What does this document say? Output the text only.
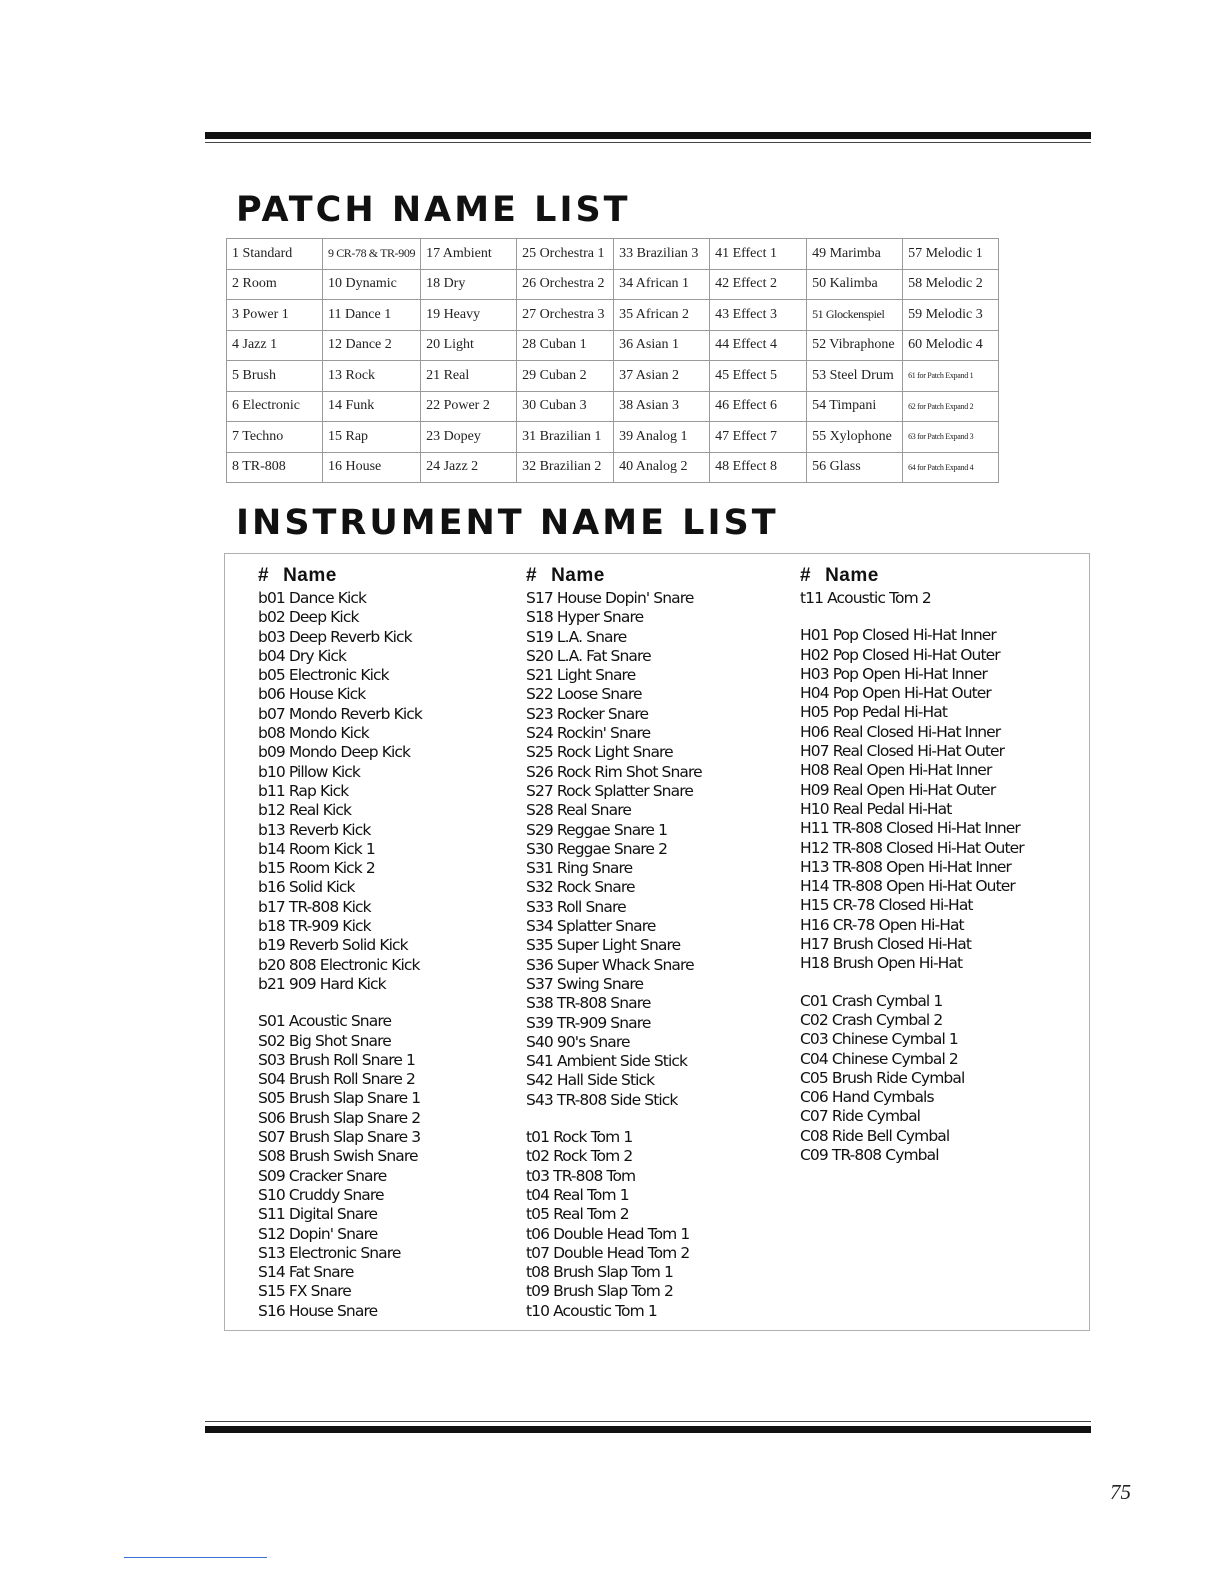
PATCH NAME LIST
1 Standard	9 CR-78 & TR-909	17 Ambient	25 Orchestra 1	33 Brazilian 3	41 Effect 1	49 Marimba	57 Melodic 1
2 Room	10 Dynamic	18 Dry	26 Orchestra 2	34 African 1	42 Effect 2	50 Kalimba	58 Melodic 2
3 Power 1	11 Dance 1	19 Heavy	27 Orchestra 3	35 African 2	43 Effect 3	51 Glockenspiel	59 Melodic 3
4 Jazz 1	12 Dance 2	20 Light	28 Cuban 1	36 Asian 1	44 Effect 4	52 Vibraphone	60 Melodic 4
5 Brush	13 Rock	21 Real	29 Cuban 2	37 Asian 2	45 Effect 5	53 Steel Drum	61 for Patch Expand 1
6 Electronic	14 Funk	22 Power 2	30 Cuban 3	38 Asian 3	46 Effect 6	54 Timpani	62 for Patch Expand 2
7 Techno	15 Rap	23 Dopey	31 Brazilian 1	39 Analog 1	47 Effect 7	55 Xylophone	63 for Patch Expand 3
8 TR-808	16 House	24 Jazz 2	32 Brazilian 2	40 Analog 2	48 Effect 8	56 Glass	64 for Patch Expand 4
INSTRUMENT NAME LIST
# Name
b01 Dance Kick
b02 Deep Kick
b03 Deep Reverb Kick
b04 Dry Kick
b05 Electronic Kick
b06 House Kick
b07 Mondo Reverb Kick
b08 Mondo Kick
b09 Mondo Deep Kick
b10 Pillow Kick
b11 Rap Kick
b12 Real Kick
b13 Reverb Kick
b14 Room Kick 1
b15 Room Kick 2
b16 Solid Kick
b17 TR-808 Kick
b18 TR-909 Kick
b19 Reverb Solid Kick
b20 808 Electronic Kick
b21 909 Hard Kick
S01 Acoustic Snare
S02 Big Shot Snare
S03 Brush Roll Snare 1
S04 Brush Roll Snare 2
S05 Brush Slap Snare 1
S06 Brush Slap Snare 2
S07 Brush Slap Snare 3
S08 Brush Swish Snare
S09 Cracker Snare
S10 Cruddy Snare
S11 Digital Snare
S12 Dopin' Snare
S13 Electronic Snare
S14 Fat Snare
S15 FX Snare
S16 House Snare
# Name
S17 House Dopin' Snare
S18 Hyper Snare
S19 L.A. Snare
S20 L.A. Fat Snare
S21 Light Snare
S22 Loose Snare
S23 Rocker Snare
S24 Rockin' Snare
S25 Rock Light Snare
S26 Rock Rim Shot Snare
S27 Rock Splatter Snare
S28 Real Snare
S29 Reggae Snare 1
S30 Reggae Snare 2
S31 Ring Snare
S32 Rock Snare
S33 Roll Snare
S34 Splatter Snare
S35 Super Light Snare
S36 Super Whack Snare
S37 Swing Snare
S38 TR-808 Snare
S39 TR-909 Snare
S40 90's Snare
S41 Ambient Side Stick
S42 Hall Side Stick
S43 TR-808 Side Stick
t01 Rock Tom 1
t02 Rock Tom 2
t03 TR-808 Tom
t04 Real Tom 1
t05 Real Tom 2
t06 Double Head Tom 1
t07 Double Head Tom 2
t08 Brush Slap Tom 1
t09 Brush Slap Tom 2
t10 Acoustic Tom 1
# Name
t11 Acoustic Tom 2
H01 Pop Closed Hi-Hat Inner
H02 Pop Closed Hi-Hat Outer
H03 Pop Open Hi-Hat Inner
H04 Pop Open Hi-Hat Outer
H05 Pop Pedal Hi-Hat
H06 Real Closed Hi-Hat Inner
H07 Real Closed Hi-Hat Outer
H08 Real Open Hi-Hat Inner
H09 Real Open Hi-Hat Outer
H10 Real Pedal Hi-Hat
H11 TR-808 Closed Hi-Hat Inner
H12 TR-808 Closed Hi-Hat Outer
H13 TR-808 Open Hi-Hat Inner
H14 TR-808 Open Hi-Hat Outer
H15 CR-78 Closed Hi-Hat
H16 CR-78 Open Hi-Hat
H17 Brush Closed Hi-Hat
H18 Brush Open Hi-Hat
C01 Crash Cymbal 1
C02 Crash Cymbal 2
C03 Chinese Cymbal 1
C04 Chinese Cymbal 2
C05 Brush Ride Cymbal
C06 Hand Cymbals
C07 Ride Cymbal
C08 Ride Bell Cymbal
C09 TR-808 Cymbal
75
